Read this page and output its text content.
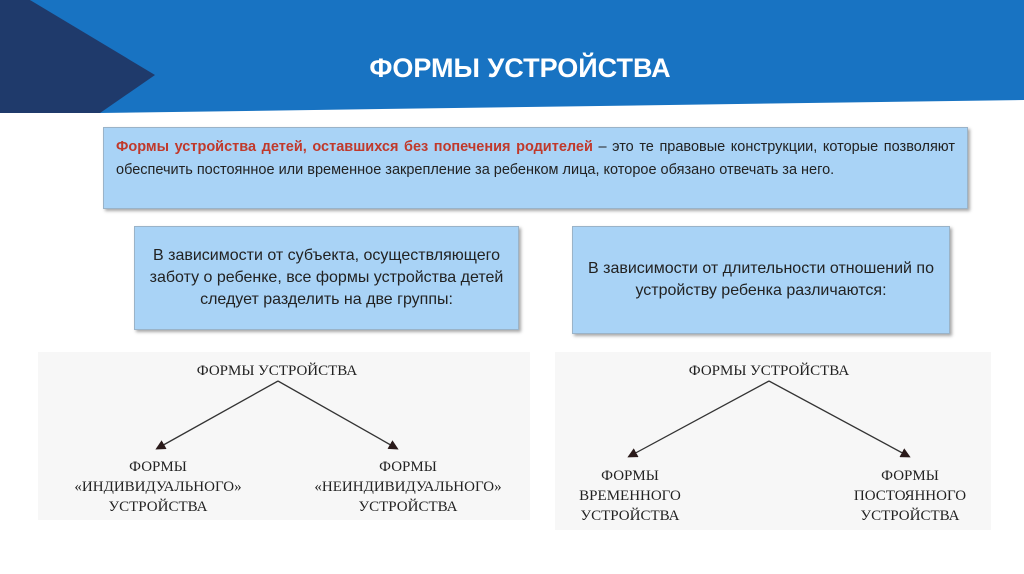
ФОРМЫ УСТРОЙСТВА
Формы устройства детей, оставшихся без попечения родителей – это те правовые конструкции, которые позволяют обеспечить постоянное или временное закрепление за ребенком лица, которое обязано отвечать за него.
В зависимости от субъекта, осуществляющего заботу о ребенке, все формы устройства детей следует разделить на две группы:
В зависимости от длительности отношений по устройству ребенка различаются:
ФОРМЫ УСТРОЙСТВА
ФОРМЫ
«ИНДИВИДУАЛЬНОГО»
УСТРОЙСТВА
ФОРМЫ
«НЕИНДИВИДУАЛЬНОГО»
УСТРОЙСТВА
ФОРМЫ УСТРОЙСТВА
ФОРМЫ
ВРЕМЕННОГО
УСТРОЙСТВА
ФОРМЫ
ПОСТОЯННОГО
УСТРОЙСТВА
